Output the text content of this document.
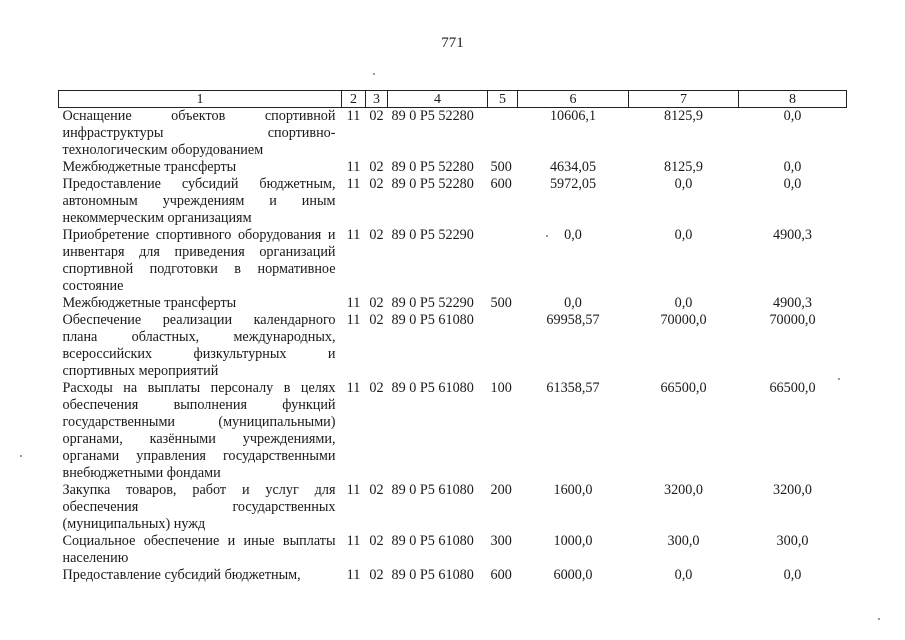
771
1	2	3	4	5	6	7	8
Оснащение объектов спортивной инфраструктуры спортивно-технологическим оборудованием	11	02	89 0 P5 52280		10606,1	8125,9	0,0
Межбюджетные трансферты	11	02	89 0 P5 52280	500	4634,05	8125,9	0,0
Предоставление субсидий бюджетным, автономным учреждениям и иным некоммерческим организациям	11	02	89 0 P5 52280	600	5972,05	0,0	0,0
Приобретение спортивного оборудования и инвентаря для приведения организаций спортивной подготовки в нормативное состояние	11	02	89 0 P5 52290		0,0	0,0	4900,3
Межбюджетные трансферты	11	02	89 0 P5 52290	500	0,0	0,0	4900,3
Обеспечение реализации календарного плана областных, международных, всероссийских физкультурных и спортивных мероприятий	11	02	89 0 P5 61080		69958,57	70000,0	70000,0
Расходы на выплаты персоналу в целях обеспечения выполнения функций государственными (муниципальными) органами, казёнными учреждениями, органами управления государственными внебюджетными фондами	11	02	89 0 P5 61080	100	61358,57	66500,0	66500,0
Закупка товаров, работ и услуг для обеспечения государственных (муниципальных) нужд	11	02	89 0 P5 61080	200	1600,0	3200,0	3200,0
Социальное обеспечение и иные выплаты населению	11	02	89 0 P5 61080	300	1000,0	300,0	300,0
Предоставление субсидий бюджетным,	11	02	89 0 P5 61080	600	6000,0	0,0	0,0
